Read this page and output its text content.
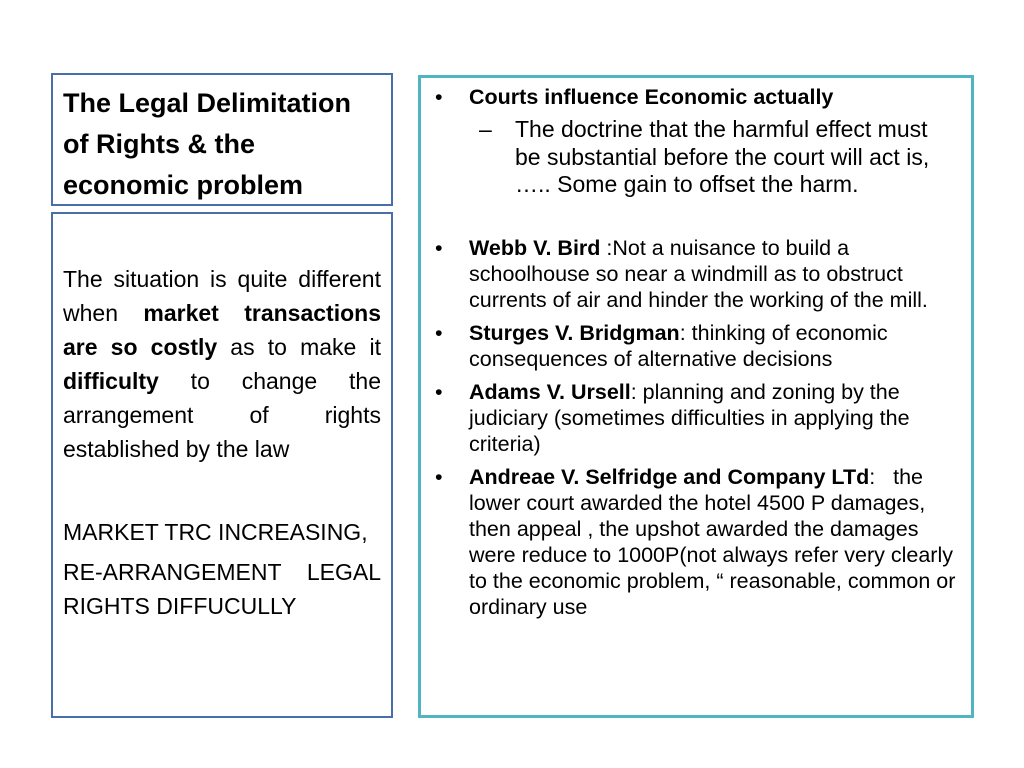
The Legal Delimitation
of Rights & the
economic problem

The situation is quite different when market transactions are so costly as to make it difficulty to change the arrangement of rights established by the law

MARKET TRC INCREASING,

RE-ARRANGEMENT LEGAL RIGHTS DIFFUCULLY

• Courts influence Economic actually
– The doctrine that the harmful effect must be substantial before the court will act is, ….. Some gain to offset the harm.
• Webb V. Bird :Not a nuisance to build a schoolhouse so near a windmill as to obstruct currents of air and hinder the working of the mill.
• Sturges V. Bridgman: thinking of economic consequences of alternative decisions
• Adams V. Ursell: planning and zoning by the judiciary (sometimes difficulties in applying the criteria)
• Andreae V. Selfridge and Company LTd:   the lower court awarded the hotel 4500 P damages, then appeal , the upshot awarded the damages  were reduce to 1000P(not always refer very clearly to the economic problem, “ reasonable, common or ordinary use
